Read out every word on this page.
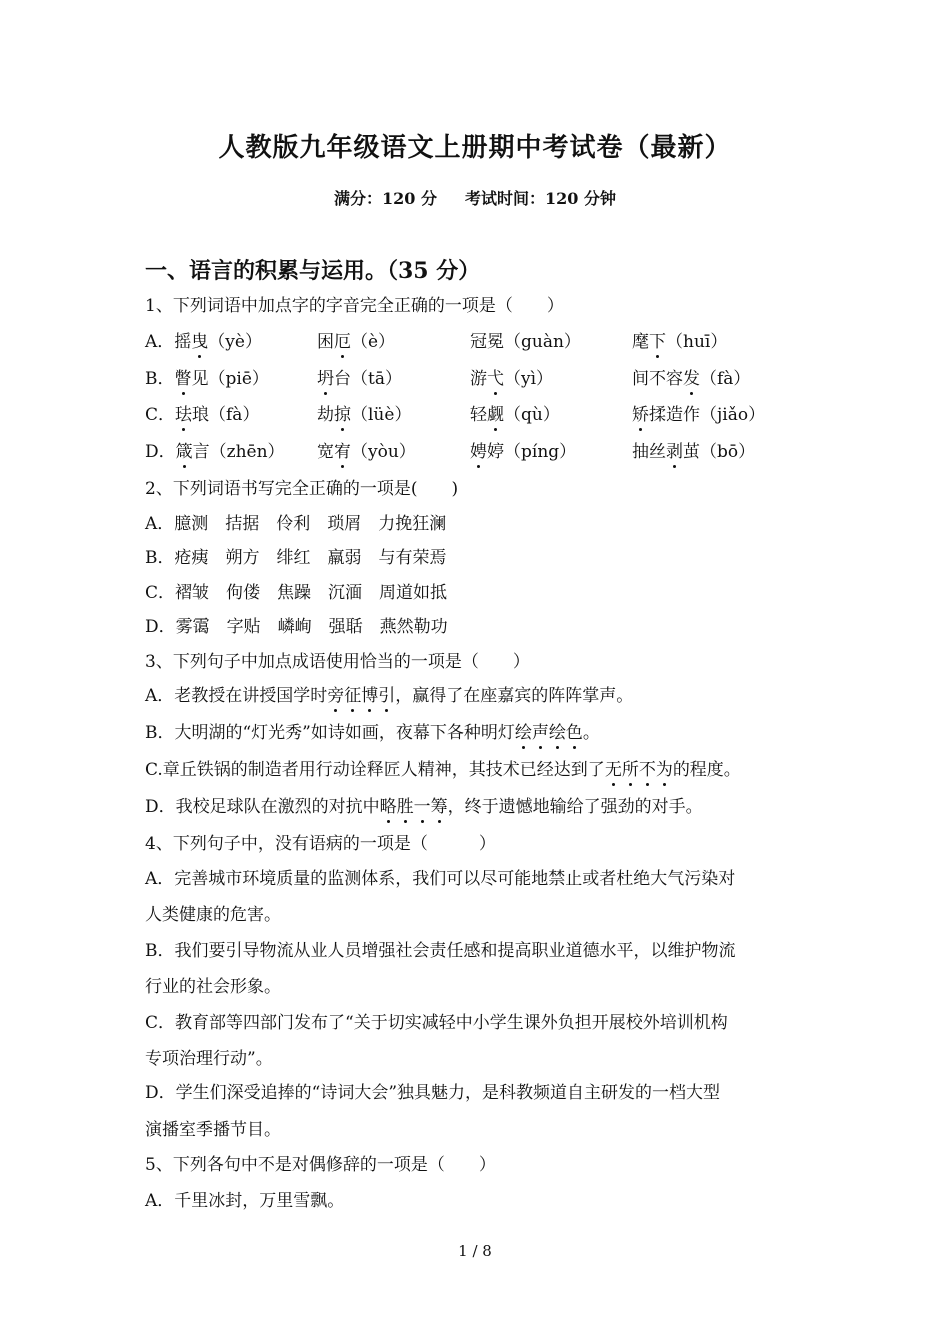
人教版九年级语文上册期中考试卷（最新）
满分：120 分 考试时间：120 分钟
一、语言的积累与运用。（35 分）
1、下列词语中加点字的字音完全正确的一项是（　　）
A．摇曳（yè）	困厄（è）	冠冕（guàn）	麾下（huī）
B．瞥见（piē）	坍台（tā）	游弋（yì）	间不容发（fà）
C．珐琅（fà）	劫掠（lüè）	轻觑（qù）	矫揉造作（jiǎo）
D．箴言（zhēn） 宽宥（yòu）	娉婷（píng）	抽丝剥茧（bō）
2、下列词语书写完全正确的一项是(　　)
A．臆测　拮据　伶利　琐屑　力挽狂澜
B．疮痍　朔方　绯红　羸弱　与有荣焉
C．褶皱　佝偻　焦躁　沉湎　周道如抵
D．雾霭　字贴　嶙峋　强聒　燕然勒功
3、下列句子中加点成语使用恰当的一项是（　　）
A．老教授在讲授国学时旁征博引，赢得了在座嘉宾的阵阵掌声。
B．大明湖的“灯光秀”如诗如画，夜幕下各种明灯绘声绘色。
C.章丘铁锅的制造者用行动诠释匠人精神，其技术已经达到了无所不为的程度。
D．我校足球队在激烈的对抗中略胜一筹，终于遗憾地输给了强劲的对手。
4、下列句子中，没有语病的一项是（　　　）
A．完善城市环境质量的监测体系，我们可以尽可能地禁止或者杜绝大气污染对
人类健康的危害。
B．我们要引导物流从业人员增强社会责任感和提高职业道德水平，以维护物流
行业的社会形象。
C．教育部等四部门发布了“关于切实减轻中小学生课外负担开展校外培训机构
专项治理行动”。
D．学生们深受追捧的“诗词大会”独具魅力，是科教频道自主研发的一档大型
演播室季播节目。
5、下列各句中不是对偶修辞的一项是（　　）
A．千里冰封，万里雪飘。
1 / 8
